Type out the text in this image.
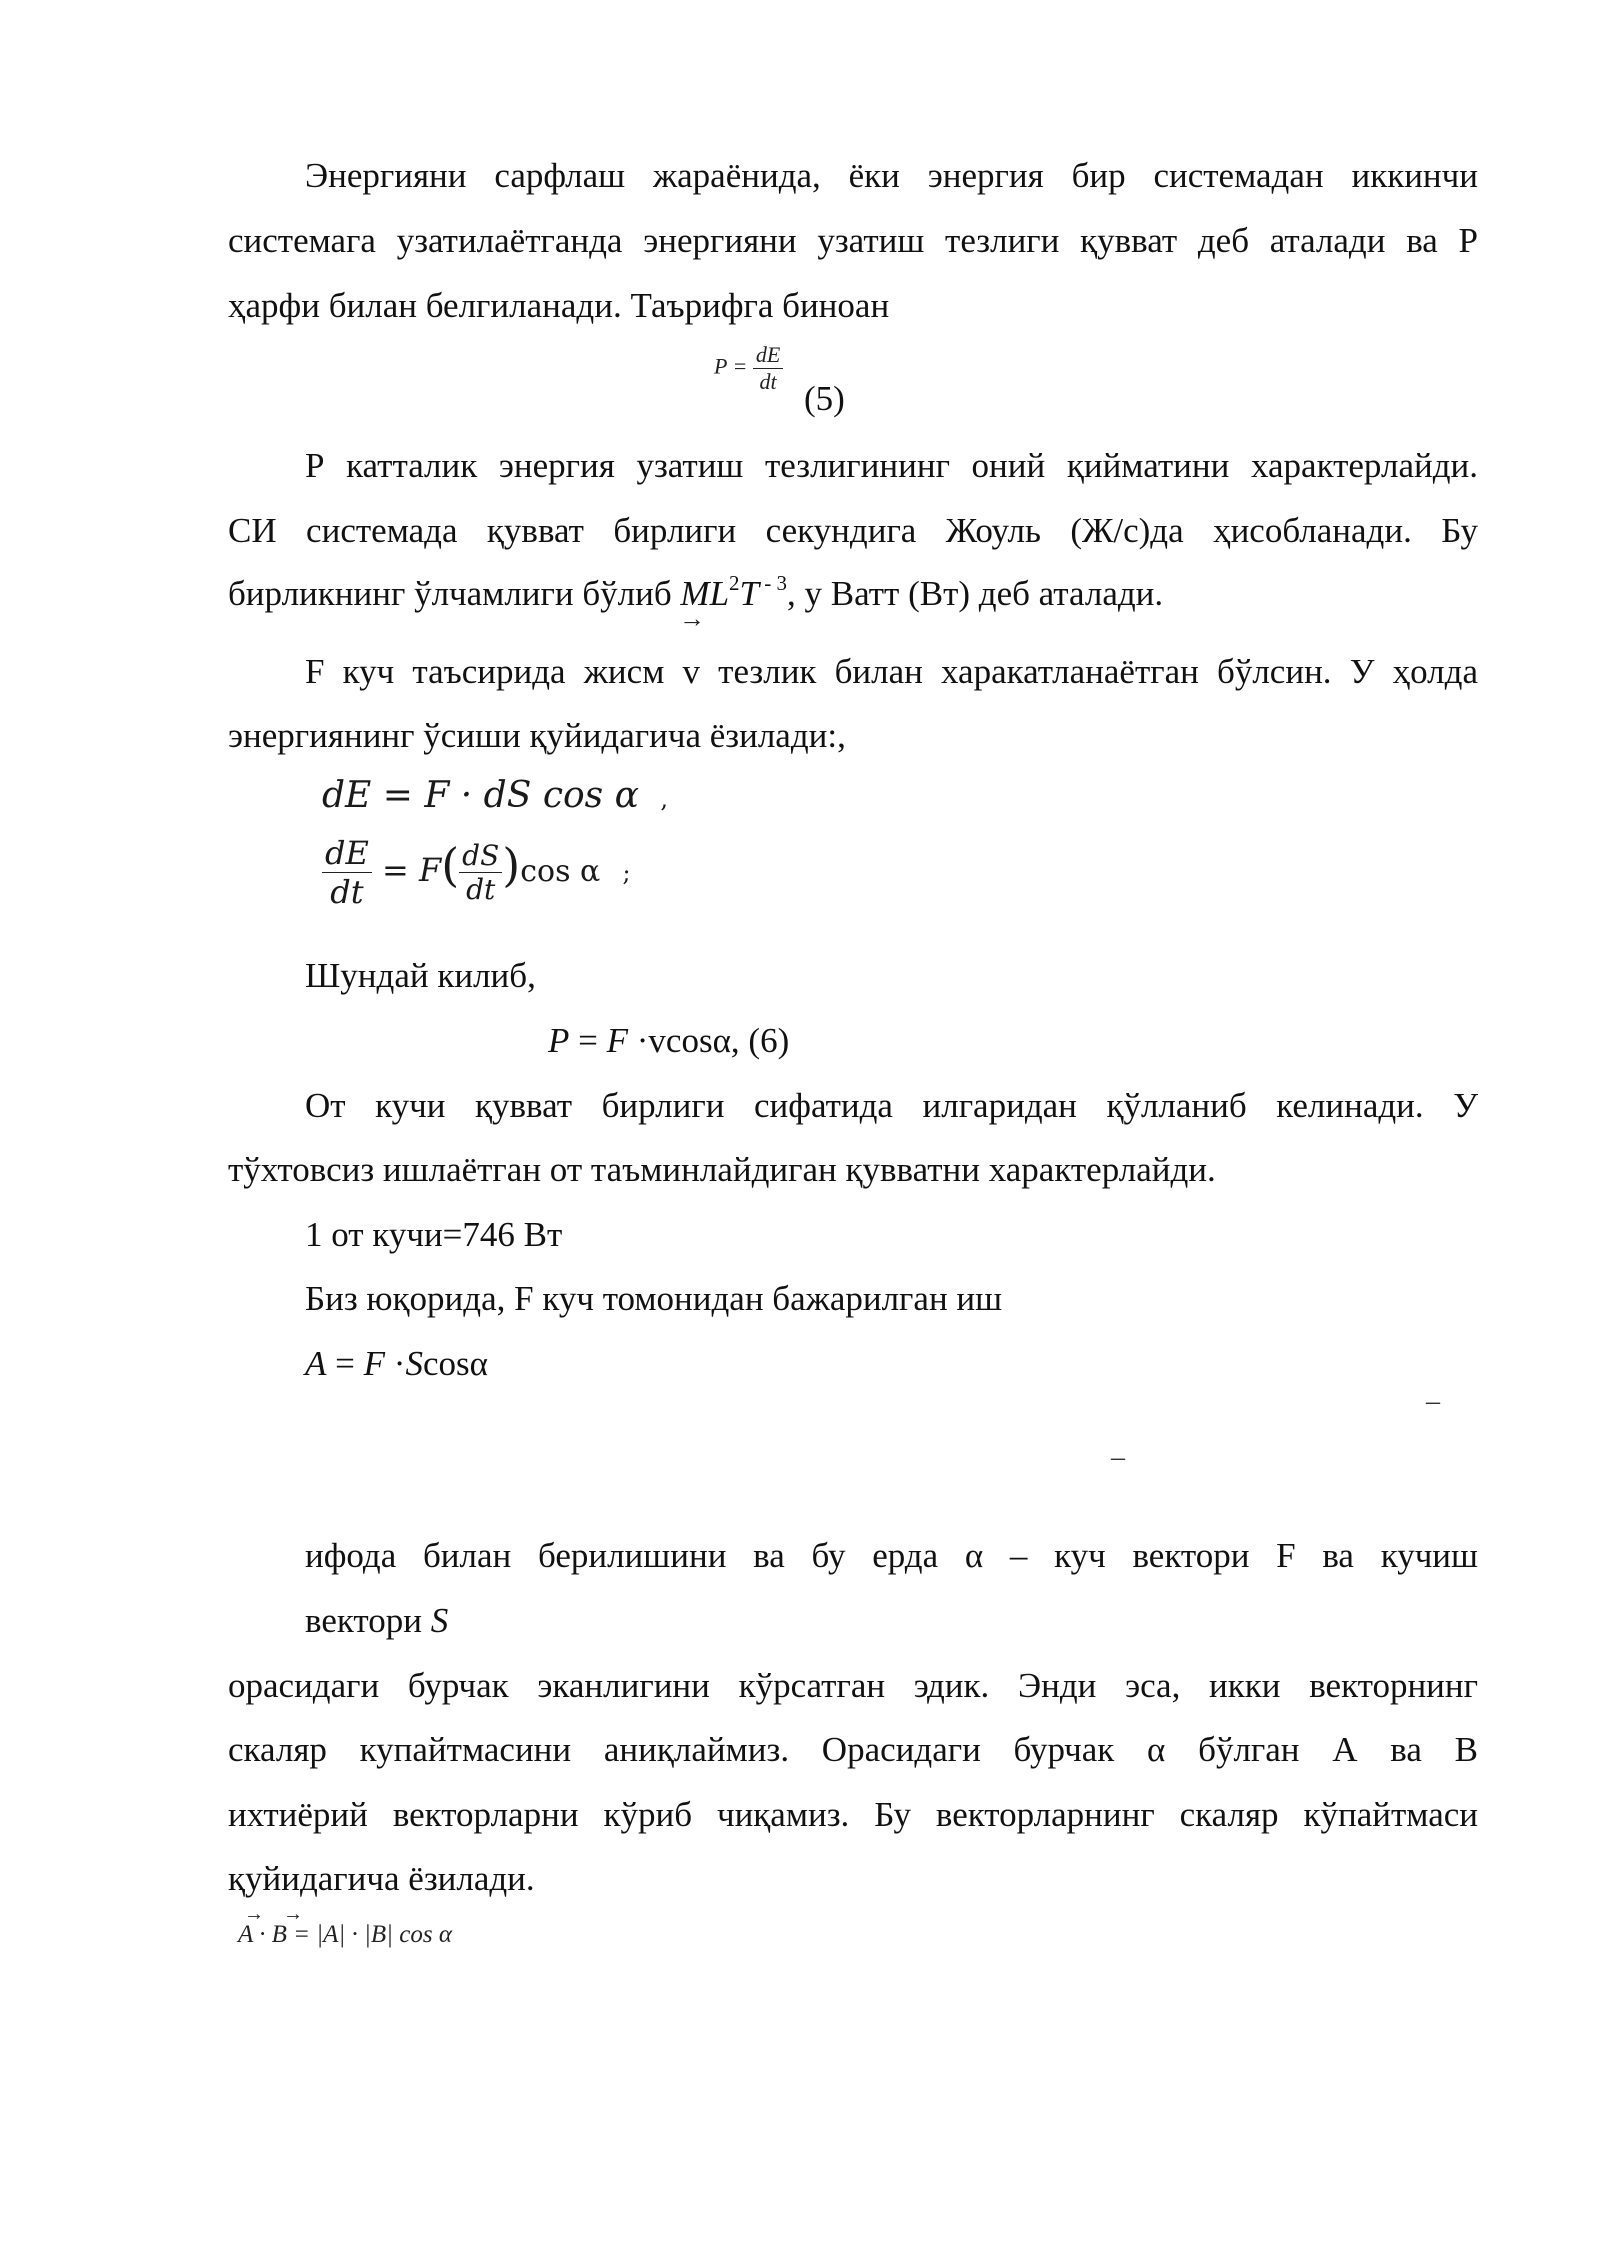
Энергияни сарфлаш жараёнида, ёки энергия бир системадан иккинчи
системага узатилаётганда энергияни узатиш тезлиги қувват деб аталади ва Р
ҳарфи билан белгиланади. Таърифга биноан
$P = \frac{dE}{dt}$
(5)
Р катталик энергия узатиш тезлигининг оний қийматини характерлайди.
СИ системада қувват бирлиги секундига Жоуль (Ж/с)да ҳисобланади. Бу
бирликнинг ўлчамлиги бўлиб $ML^2T$ $^{- 3}$, у Ватт (Вт) деб аталади.
→
F куч таъсирида жисм v тезлик билан харакатланаётган бўлсин. У ҳолда
энергиянинг ўсиши қуйидагича ёзилади:,
dE = F · dS cos α ,
$\frac{dE}{dt} = F( \frac{dS}{dt} )\cos$ α ;
Шундай килиб,
P = F ·vcosα, (6)
От кучи қувват бирлиги сифатида илгаридан қўлланиб келинади. У
тўхтовсиз ишлаётган от таъминлайдиган қувватни характерлайди.
1 от кучи=746 Вт
Биз юқорида, F куч томонидан бажарилган иш
A = F ·Scosα
–
–
ифода билан берилишини ва бу ерда α – куч вектори F ва кучиш
вектори S
орасидаги бурчак эканлигини кўрсатган эдик. Энди эса, икки векторнинг
скаляр купайтмасини аниқлаймиз. Орасидаги бурчак α бўлган А ва В
ихтиёрий векторларни кўриб чиқамиз. Бу векторларнинг скаляр кўпайтмаси
қуйидагича ёзилади.
A · B = |A| · |B| cos α
→ →
